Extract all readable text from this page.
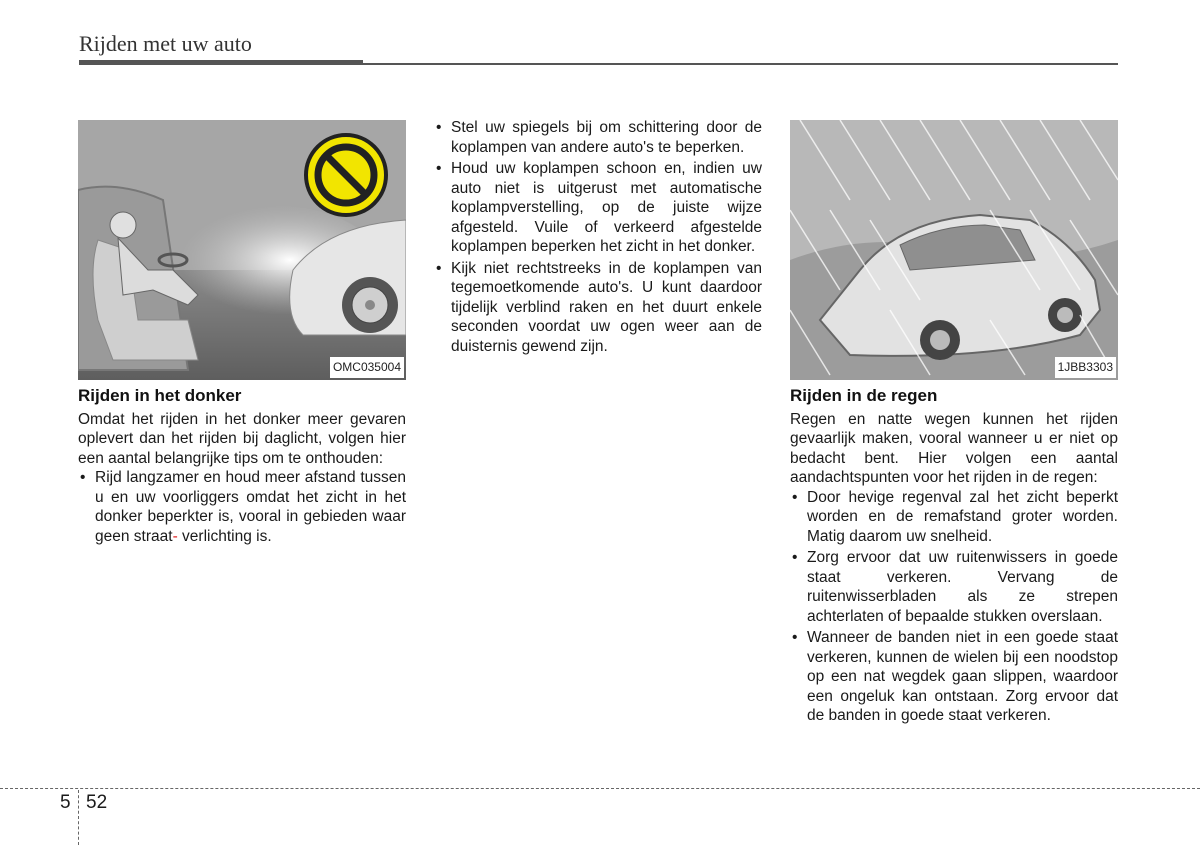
Rijden met uw auto
OMC035004
Rijden in het donker

Omdat het rijden in het donker meer gevaren oplevert dan het rijden bij daglicht, volgen hier een aantal belangrijke tips om te onthouden:

• Rijd langzamer en houd meer afstand tussen u en uw voorliggers omdat het zicht in het donker beperkter is, vooral in gebieden waar geen straat- verlichting is.
• Stel uw spiegels bij om schittering door de koplampen van andere auto's te beperken.
• Houd uw koplampen schoon en, indien uw auto niet is uitgerust met automatische koplampverstelling, op de juiste wijze afgesteld. Vuile of verkeerd afgestelde koplampen beperken het zicht in het donker.
• Kijk niet rechtstreeks in de koplampen van tegemoetkomende auto's. U kunt daardoor tijdelijk verblind raken en het duurt enkele seconden voordat uw ogen weer aan de duisternis gewend zijn.
1JBB3303
Rijden in de regen

Regen en natte wegen kunnen het rijden gevaarlijk maken, vooral wanneer u er niet op bedacht bent. Hier volgen een aantal aandachtspunten voor het rijden in de regen:

• Door hevige regenval zal het zicht beperkt worden en de remafstand groter worden. Matig daarom uw snelheid.
• Zorg ervoor dat uw ruitenwissers in goede staat verkeren. Vervang de ruitenwisserbladen als ze strepen achterlaten of bepaalde stukken overslaan.
• Wanneer de banden niet in een goede staat verkeren, kunnen de wielen bij een noodstop op een nat wegdek gaan slippen, waardoor een ongeluk kan ontstaan. Zorg ervoor dat de banden in goede staat verkeren.
5 52
